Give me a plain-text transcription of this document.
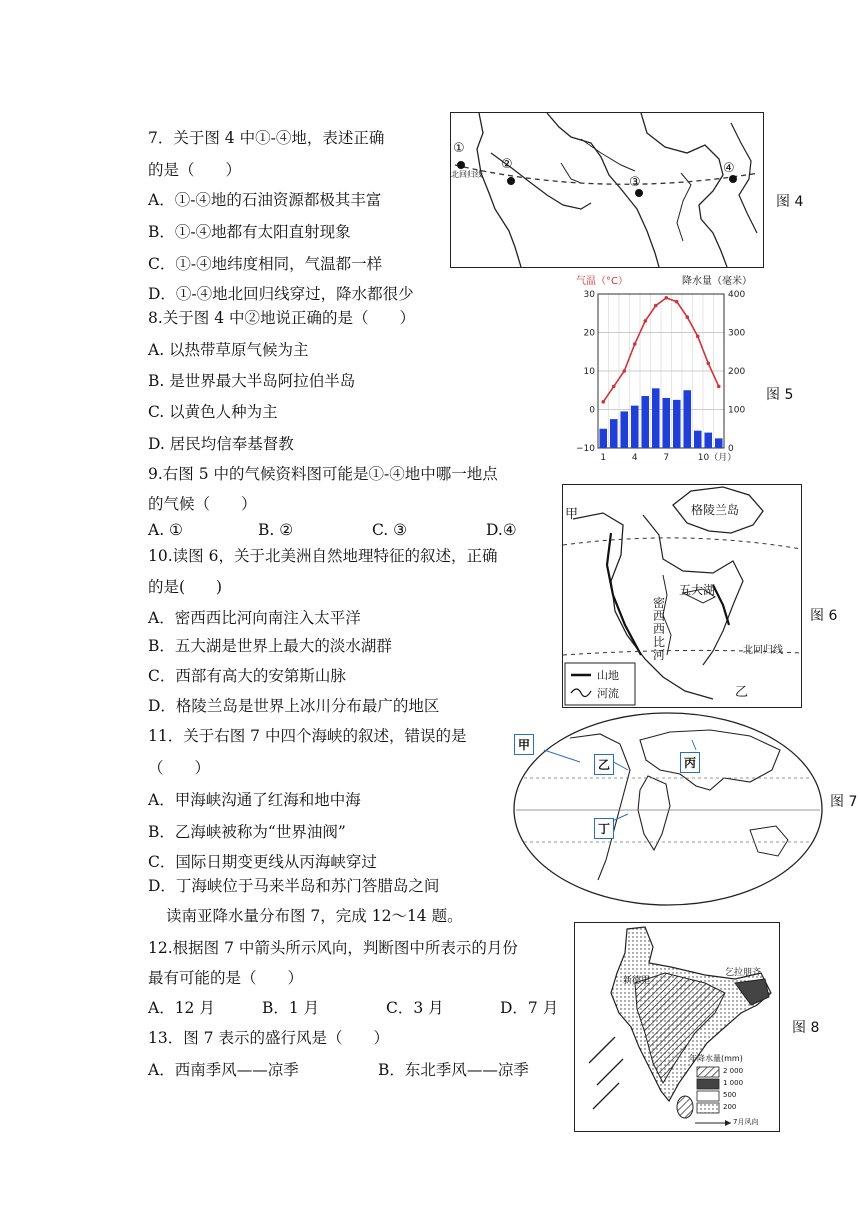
7．关于图 4 中①-④地，表述正确
的是（　　）
A．①-④地的石油资源都极其丰富
B．①-④地都有太阳直射现象
C．①-④地纬度相同，气温都一样
D．①-④地北回归线穿过，降水都很少
8.关于图 4 中②地说正确的是（　　）
A. 以热带草原气候为主
B. 是世界最大半岛阿拉伯半岛
C. 以黄色人种为主
D. 居民均信奉基督教
9.右图 5 中的气候资料图可能是①-④地中哪一地点
的气候（　　）
A. ①	B. ②	C. ③	D.④
10.读图 6，关于北美洲自然地理特征的叙述，正确
的是(　　)
A．密西西比河向南注入太平洋
B．五大湖是世界上最大的淡水湖群
C．西部有高大的安第斯山脉
D．格陵兰岛是世界上冰川分布最广的地区
11．关于右图 7 中四个海峡的叙述，错误的是
（　　）
A．甲海峡沟通了红海和地中海
B．乙海峡被称为“世界油阀”
C．国际日期变更线从丙海峡穿过
D．丁海峡位于马来半岛和苏门答腊岛之间
读南亚降水量分布图 7，完成 12～14 题。
12.根据图 7 中箭头所示风向，判断图中所表示的月份
最有可能的是（　　）
A．12 月	B．1 月	C．3 月	D．7 月
13．图 7 表示的盛行风是（　　）
A．西南季风——凉季	B．东北季风——凉季
①
②
③
④
北回归线
图 4
气温（°C）	降水量（毫米）
30
20
10
0
−10
400
300
200
100
0
1	4	7	10（月）
图 5
甲	格陵兰岛
五大湖
密西西比河	北回归线
乙
山地
河流
图 6
甲
乙	丙
丁
图 7
新德里
乞拉朋齐
年降水量(mm)
2 000
1 000
500
200
7月风向
图 8
